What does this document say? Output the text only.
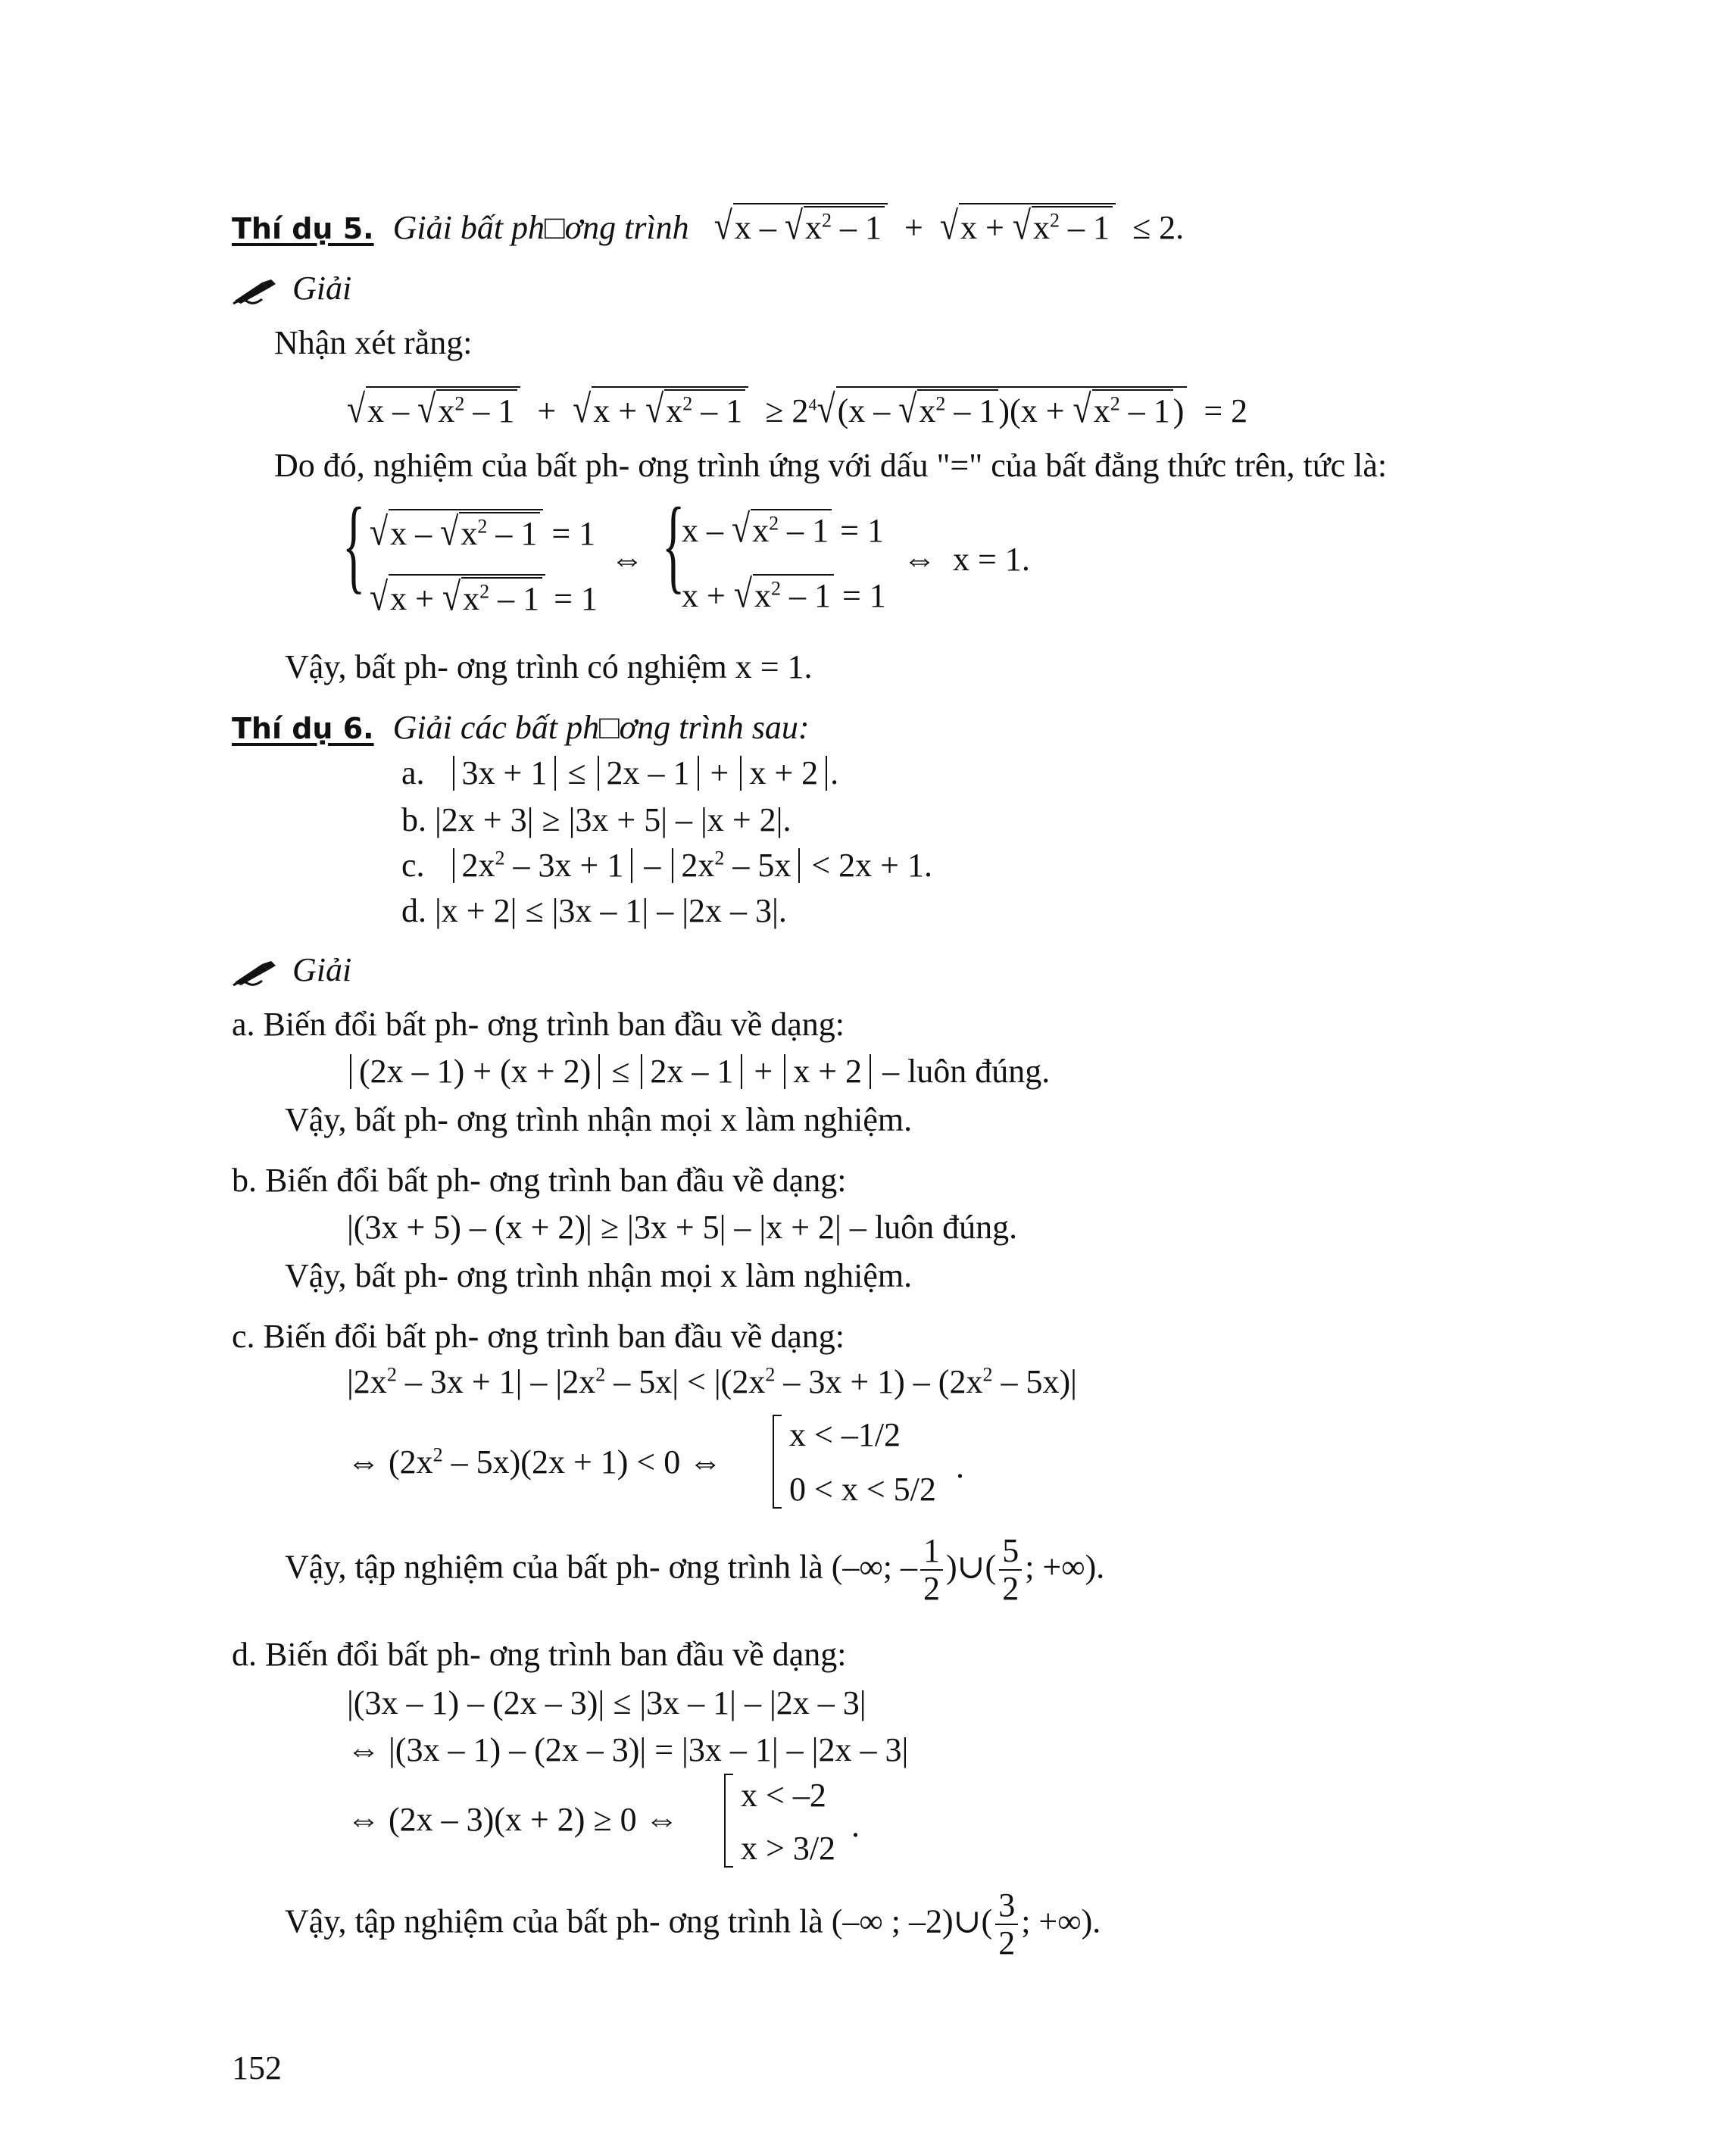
Thí dụ 5. Giải bất ph□ơng trình $√x - √x^2 - 1 + √x + √x^2 - 1 \le 2$.
Giải
Nhận xét rằng:
$√x - √x^2 - 1 + √x + √x^2 - 1 \ge 2^4√(x - √x^2 - 1)(x + √x^2 - 1) = 2$
Do đó, nghiệm của bất ph- ơng trình ứng với dấu "=" của bất đẳng thức trên, tức là:
{ $√x - √x^2 - 1 = 1$
$√x + √x^2 - 1 = 1$
⇔ {
$x - √x^2 - 1 = 1$
$x + √x^2 - 1 = 1$
⇔  x = 1.
Vậy, bất ph- ơng trình có nghiệm x = 1.
Thí dụ 6. Giải các bất ph□ơng trình sau:
a. 3x + 1 ≤ 2x – 1 + x + 2 .
b. |2x + 3| ≥ |3x + 5| – |x + 2|.
c. $2x^2 - 3x + 1 - 2x^2 - 5x < 2x + 1$.
d. |x + 2| ≤ |3x – 1| – |2x – 3|.
Giải
a. Biến đổi bất ph- ơng trình ban đầu về dạng:
(2x – 1) + (x + 2) ≤ 2x – 1 + x + 2 – luôn đúng.
Vậy, bất ph- ơng trình nhận mọi x làm nghiệm.
b. Biến đổi bất ph- ơng trình ban đầu về dạng:
|(3x + 5) – (x + 2)| ≥ |3x + 5| – |x + 2| – luôn đúng.
Vậy, bất ph- ơng trình nhận mọi x làm nghiệm.
c. Biến đổi bất ph- ơng trình ban đầu về dạng:
$|2x^2 - 3x + 1| - |2x^2 - 5x| < |(2x^2 - 3x + 1) - (2x^2 - 5x)|$
⇔ $(2x^2 - 5x)(2x + 1) < 0$ ⇔
x < –1/2
0 < x < 5/2
.
Vậy, tập nghiệm của bất ph- ơng trình là (–∞; – $\frac{1}{2}$ )∪( $\frac{5}{2}$ ; +∞).
d. Biến đổi bất ph- ơng trình ban đầu về dạng:
|(3x – 1) – (2x – 3)| ≤ |3x – 1| – |2x – 3|
⇔ |(3x – 1) – (2x – 3)| = |3x – 1| – |2x – 3|
⇔ (2x – 3)(x + 2) ≥ 0 ⇔
x < –2
x > 3/2
.
Vậy, tập nghiệm của bất ph- ơng trình là (–∞ ; –2)∪( $\frac{3}{2}$ ; +∞).
152
